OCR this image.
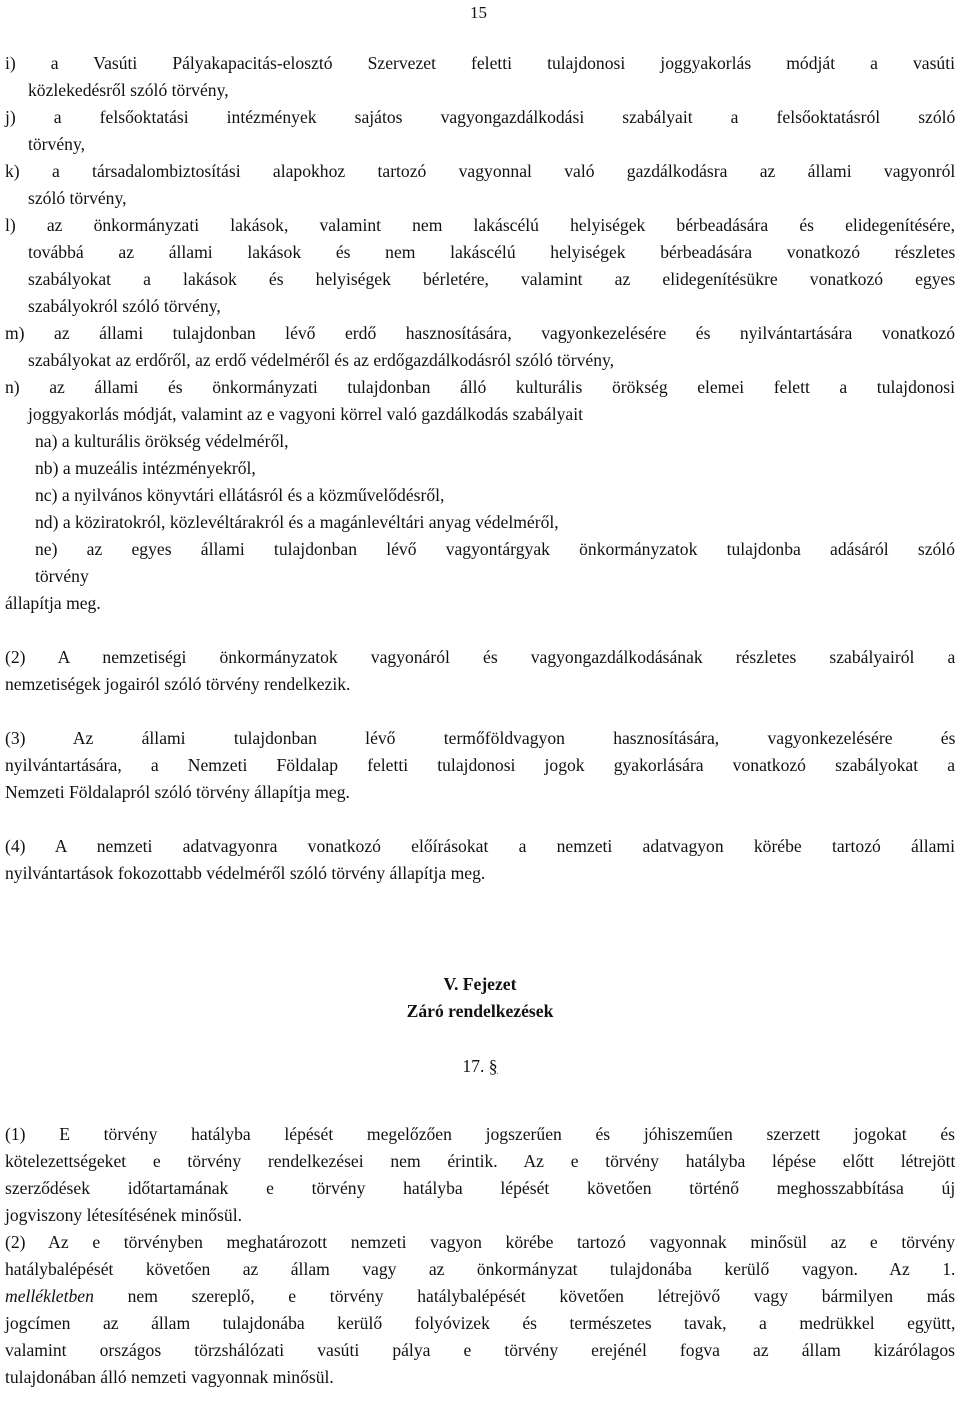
15
i) a Vasúti Pályakapacitás-elosztó Szervezet feletti tulajdonosi joggyakorlás módját a vasúti
közlekedésről szóló törvény,
j) a felsőoktatási intézmények sajátos vagyongazdálkodási szabályait a felsőoktatásról szóló
törvény,
k) a társadalombiztosítási alapokhoz tartozó vagyonnal való gazdálkodásra az állami vagyonról
szóló törvény,
l) az önkormányzati lakások, valamint nem lakáscélú helyiségek bérbeadására és elidegenítésére,
továbbá az állami lakások és nem lakáscélú helyiségek bérbeadására vonatkozó részletes
szabályokat a lakások és helyiségek bérletére, valamint az elidegenítésükre vonatkozó egyes
szabályokról szóló törvény,
m) az állami tulajdonban lévő erdő hasznosítására, vagyonkezelésére és nyilvántartására vonatkozó
szabályokat az erdőről, az erdő védelméről és az erdőgazdálkodásról szóló törvény,
n) az állami és önkormányzati tulajdonban álló kulturális örökség elemei felett a tulajdonosi
joggyakorlás módját, valamint az e vagyoni körrel való gazdálkodás szabályait
na) a kulturális örökség védelméről,
nb) a muzeális intézményekről,
nc) a nyilvános könyvtári ellátásról és a közművelődésről,
nd) a köziratokról, közlevéltárakról és a magánlevéltári anyag védelméről,
ne) az egyes állami tulajdonban lévő vagyontárgyak önkormányzatok tulajdonba adásáról szóló
törvény
állapítja meg.
(2) A nemzetiségi önkormányzatok vagyonáról és vagyongazdálkodásának részletes szabályairól a
nemzetiségek jogairól szóló törvény rendelkezik.
(3) Az állami tulajdonban lévő termőföldvagyon hasznosítására, vagyonkezelésére és
nyilvántartására, a Nemzeti Földalap feletti tulajdonosi jogok gyakorlására vonatkozó szabályokat a
Nemzeti Földalapról szóló törvény állapítja meg.
(4) A nemzeti adatvagyonra vonatkozó előírásokat a nemzeti adatvagyon körébe tartozó állami
nyilvántartások fokozottabb védelméről szóló törvény állapítja meg.
V. Fejezet
Záró rendelkezések
17. §
(1) E törvény hatályba lépését megelőzően jogszerűen és jóhiszeműen szerzett jogokat és
kötelezettségeket e törvény rendelkezései nem érintik. Az e törvény hatályba lépése előtt létrejött
szerződések időtartamának e törvény hatályba lépését követően történő meghosszabbítása új
jogviszony létesítésének minősül.
(2) Az e törvényben meghatározott nemzeti vagyon körébe tartozó vagyonnak minősül az e törvény
hatálybalépését követően az állam vagy az önkormányzat tulajdonába kerülő vagyon. Az 1.
mellékletben nem szereplő, e törvény hatálybalépését követően létrejövő vagy bármilyen más
jogcímen az állam tulajdonába kerülő folyóvizek és természetes tavak, a medrükkel együtt,
valamint országos törzshálózati vasúti pálya e törvény erejénél fogva az állam kizárólagos
tulajdonában álló nemzeti vagyonnak minősül.
